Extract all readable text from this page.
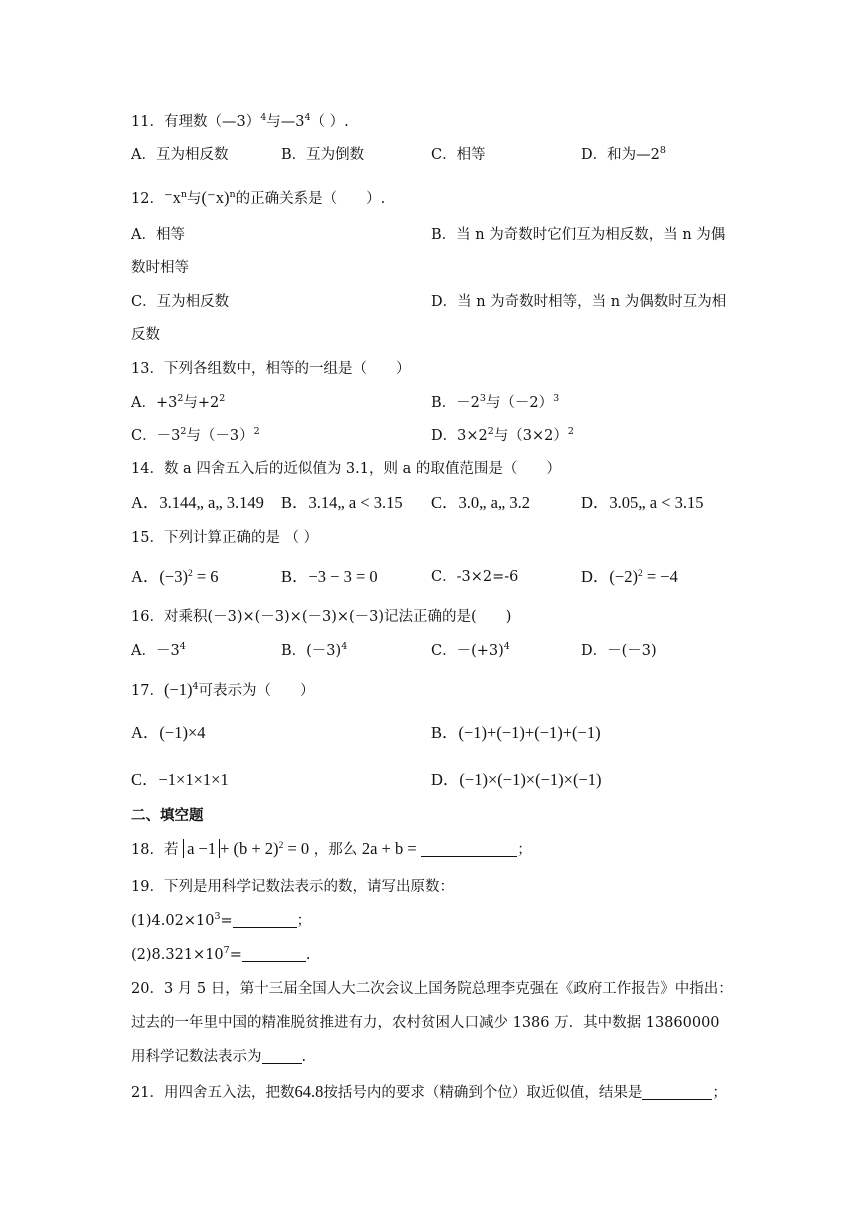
11．有理数（—3）$^4$与$—3^4$（ ）.
A．互为相反数	B．互为倒数	C．相等	D．和为$—2^8$
12．$^-x^n$与$(^-x)^n$的正确关系是（　　）.
A．相等	B．当 n 为奇数时它们互为相反数，当 n 为偶
数时相等
C．互为相反数	D．当 n 为奇数时相等，当 n 为偶数时互为相
反数
13．下列各组数中，相等的一组是（　　）
A．$+3^2$与$+2^2$	B．$-2^3$与$(-2)^3$
C．$-3^2$与$(-3)^2$	D．$3\times 2^2$与$(3\times 2)^2$
14．数 a 四舍五入后的近似值为 3.1，则 a 的取值范围是（　　）
A．3.144„ a„ 3.149 B．3.14„ a < 3.15 C．3.0„ a„ 3.2	D．3.05„ a < 3.15
15．下列计算正确的是 （ ）
A．$(-3)^2 = 6$	B．−3 − 3 = 0	C．-3×2=-6	D．$(-2)^2 = -4$
16．对乘积(－3)×(－3)×(－3)×(－3)记法正确的是(　　)
A．$-3^4$	B．$(-3)^4$	C．$-(+3)^4$	D．－(－3)
17．$(-1)^4$可表示为（　　）
A．(−1)×4	B．(−1)+(−1)+(−1)+(−1)
C．−1×1×1×1	D．(−1)×(−1)×(−1)×(−1)
二、填空题
18．若 $a -1 + (b + 2)^2 = 0$ ，那么 2a + b =	；
19．下列是用科学记数法表示的数，请写出原数：
$(1)4.02\times 10^3=$	；
$(2)8.321\times 10^7=$	.
20．3 月 5 日，第十三届全国人大二次会议上国务院总理李克强在《政府工作报告》中指出：
过去的一年里中国的精准脱贫推进有力，农村贫困人口减少 1386 万．其中数据 13860000
用科学记数法表示为	.
21．用四舍五入法，把数64.8按括号内的要求（精确到个位）取近似值，结果是	；
